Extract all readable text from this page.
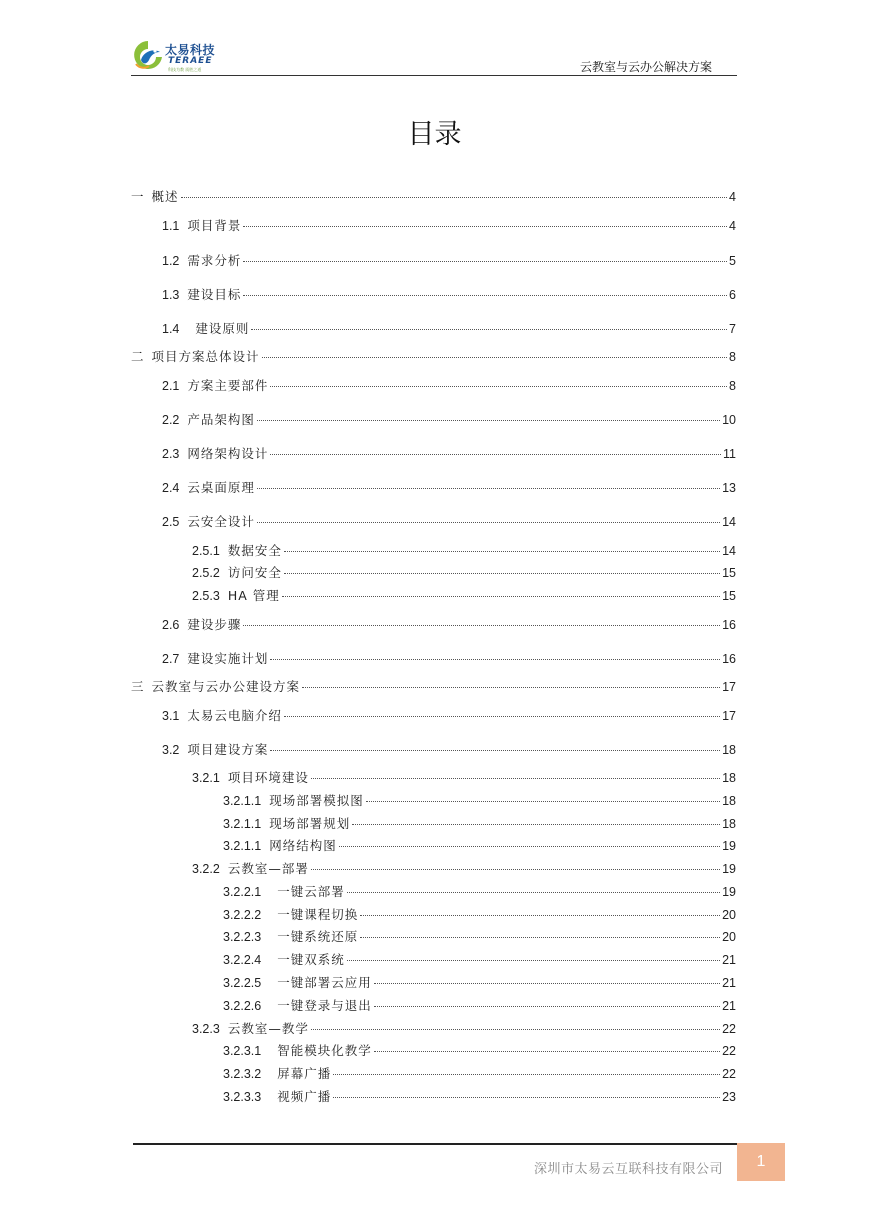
太易科技
TERAEE
科技为教 质胜之道	云教室与云办公解决方案
目录
一 概述	4
1.1 项目背景	4
1.2 需求分析	5
1.3 建设目标	6
1.4 建设原则	7
二 项目方案总体设计	8
2.1 方案主要部件	8
2.2 产品架构图	10
2.3 网络架构设计	11
2.4 云桌面原理	13
2.5 云安全设计	14
2.5.1 数据安全	14
2.5.2 访问安全	15
2.5.3 HA 管理	15
2.6 建设步骤	16
2.7 建设实施计划	16
三 云教室与云办公建设方案	17
3.1 太易云电脑介绍	17
3.2 项目建设方案	18
3.2.1 项目环境建设	18
3.2.1.1 现场部署模拟图	18
3.2.1.1 现场部署规划	18
3.2.1.1 网络结构图	19
3.2.2 云教室—部署	19
3.2.2.1 一键云部署	19
3.2.2.2 一键课程切换	20
3.2.2.3 一键系统还原	20
3.2.2.4 一键双系统	21
3.2.2.5 一键部署云应用	21
3.2.2.6 一键登录与退出	21
3.2.3 云教室—教学	22
3.2.3.1 智能模块化教学	22
3.2.3.2 屏幕广播	22
3.2.3.3 视频广播	23
深圳市太易云互联科技有限公司	1
